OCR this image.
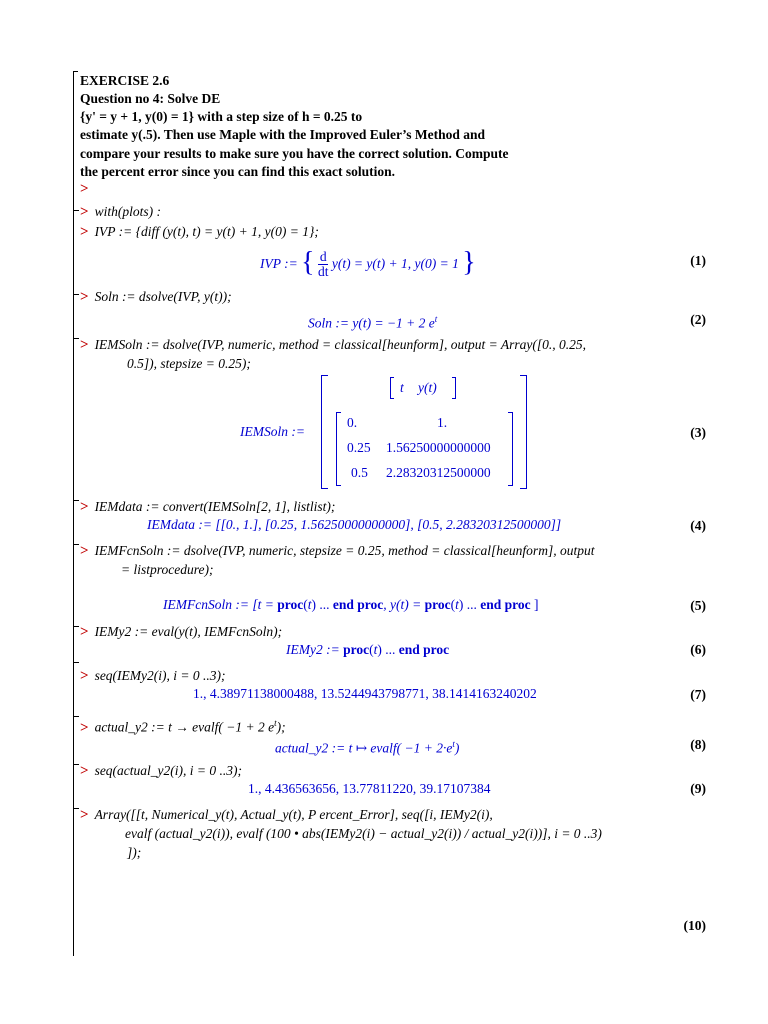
EXERCISE 2.6
Question no 4: Solve DE
{y' = y + 1, y(0) = 1} with a step size of h = 0.25 to
estimate y(.5). Then use Maple with the Improved Euler’s Method and
compare your results to make sure you have the correct solution. Compute
the percent error since you can find this exact solution.
>
> with(plots) :
> IVP := {diff (y(t), t) = y(t) + 1, y(0) = 1};
IVP := { $\frac{d}{dt} y(t) = y(t) + 1$, y(0) = 1 }	(1)
> Soln := dsolve(IVP, y(t));
Soln := y(t) = −1 + 2 $e^t$	(2)
> IEMSoln := dsolve(IVP, numeric, method = classical[heunform], output = Array([0., 0.25,
0.5]), stepsize = 0.25);
IEMSoln :=
t y(t)
0.	1.
0.25 1.56250000000000
0.5 2.28320312500000
(3)
> IEMdata := convert(IEMSoln[2, 1], listlist);
IEMdata := [[0., 1.], [0.25, 1.56250000000000], [0.5, 2.28320312500000]]	(4)
> IEMFcnSoln := dsolve(IVP, numeric, stepsize = 0.25, method = classical[heunform], output
= listprocedure);
IEMFcnSoln := [t = proc(t) ... end proc, y(t) = proc(t) ... end proc ]	(5)
> IEMy2 := eval(y(t), IEMFcnSoln);
IEMy2 := proc(t) ... end proc	(6)
> seq(IEMy2(i), i = 0 ..3);
1., 4.38971138000488, 13.5244943798771, 38.1414163240202	(7)
> actual_y2 := t → evalf( −1 + 2 $e^t$);
actual_y2 := t ↦ evalf( $-1 + 2\cdot e^t$)	(8)
> seq(actual_y2(i), i = 0 ..3);
1., 4.436563656, 13.77811220, 39.17107384	(9)
> Array([[t, Numerical_y(t), Actual_y(t), P ercent_Error], seq([i, IEMy2(i),
evalf (actual_y2(i)), evalf (100 • abs(IEMy2(i) − actual_y2(i)) / actual_y2(i))], i = 0 ..3)
]);
(10)
